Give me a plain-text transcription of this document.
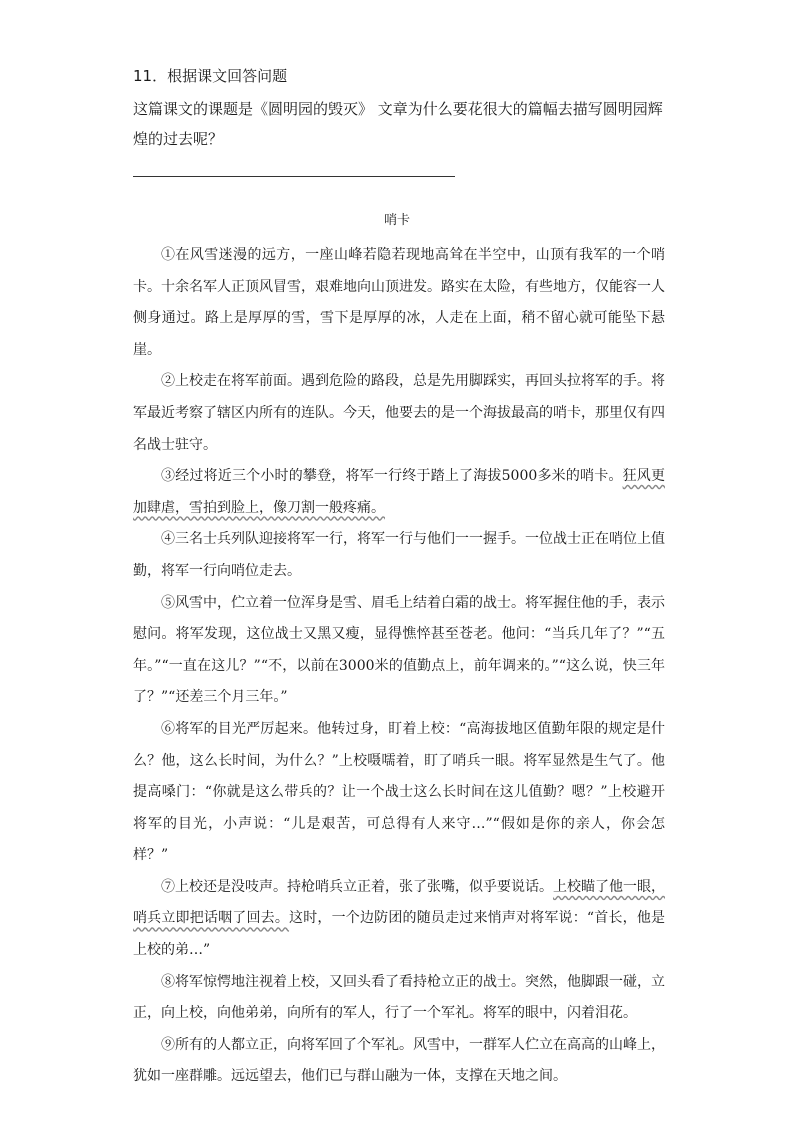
11．根据课文回答问题
这篇课文的课题是《圆明园的毁灭》 文章为什么要花很大的篇幅去描写圆明园辉煌的过去呢？
哨卡

①在风雪迷漫的远方，一座山峰若隐若现地高耸在半空中，山顶有我军的一个哨卡。十余名军人正顶风冒雪，艰难地向山顶进发。路实在太险，有些地方，仅能容一人侧身通过。路上是厚厚的雪，雪下是厚厚的冰，人走在上面，稍不留心就可能坠下悬崖。

②上校走在将军前面。遇到危险的路段，总是先用脚踩实，再回头拉将军的手。将军最近考察了辖区内所有的连队。今天，他要去的是一个海拔最高的哨卡，那里仅有四名战士驻守。

③经过将近三个小时的攀登，将军一行终于踏上了海拔5000多米的哨卡。狂风更加肆虐，雪拍到脸上，像刀割一般疼痛。

④三名士兵列队迎接将军一行，将军一行与他们一一握手。一位战士正在哨位上值勤，将军一行向哨位走去。

⑤风雪中，伫立着一位浑身是雪、眉毛上结着白霜的战士。将军握住他的手，表示慰问。将军发现，这位战士又黑又瘦，显得憔悴甚至苍老。他问：“当兵几年了？”“五年。”“一直在这儿？”“不，以前在3000米的值勤点上，前年调来的。”“这么说，快三年了？”“还差三个月三年。”

⑥将军的目光严厉起来。他转过身，盯着上校：“高海拔地区值勤年限的规定是什么？他，这么长时间，为什么？”上校嗫嚅着，盯了哨兵一眼。将军显然是生气了。他提高嗓门：“你就是这么带兵的？让一个战士这么长时间在这儿值勤？嗯？”上校避开将军的目光，小声说：“儿是艰苦，可总得有人来守…”“假如是你的亲人，你会怎样？”

⑦上校还是没吱声。持枪哨兵立正着，张了张嘴，似乎要说话。上校瞄了他一眼，哨兵立即把话咽了回去。这时，一个边防团的随员走过来悄声对将军说：“首长，他是上校的弟…”

⑧将军惊愕地注视着上校，又回头看了看持枪立正的战士。突然，他脚跟一碰，立正，向上校，向他弟弟，向所有的军人，行了一个军礼。将军的眼中，闪着泪花。

⑨所有的人都立正，向将军回了个军礼。风雪中，一群军人伫立在高高的山峰上，犹如一座群雕。远远望去，他们已与群山融为一体，支撑在天地之间。
